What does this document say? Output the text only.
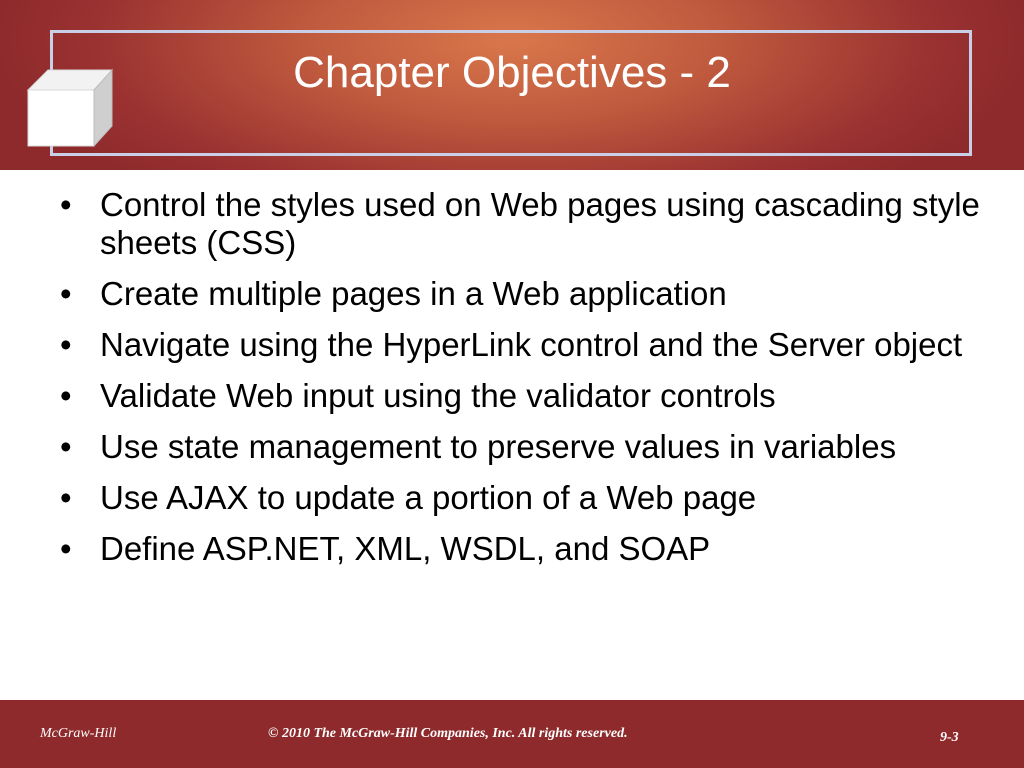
Chapter Objectives - 2
• Control the styles used on Web pages using cascading style sheets (CSS)
• Create multiple pages in a Web application
• Navigate using the HyperLink control and the Server object
• Validate Web input using the validator controls
• Use state management to preserve values in variables
• Use AJAX to update a portion of a Web page
• Define ASP.NET, XML, WSDL, and SOAP
McGraw-Hill	© 2010 The McGraw-Hill Companies, Inc. All rights reserved.	9-3
